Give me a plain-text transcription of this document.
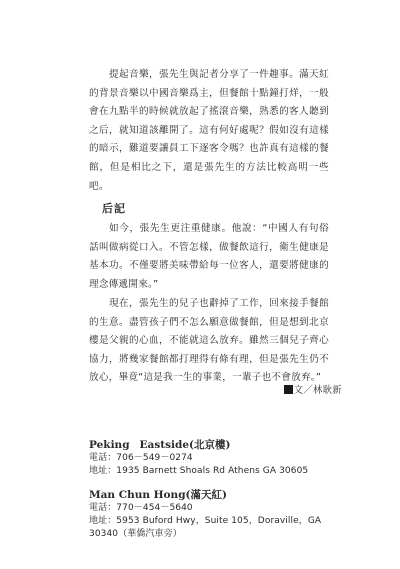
提起音樂，張先生與記者分享了一件趣事。滿天紅的背景音樂以中國音樂爲主，但餐館十點鐘打烊，一般會在九點半的時候就放起了搖滾音樂，熟悉的客人聽到之后，就知道該離開了。這有何好處呢？假如沒有這樣的暗示，難道要讓員工下逐客令嗎？也許真有這樣的餐館，但是相比之下，還是張先生的方法比較高明一些吧。

后記

如今，張先生更注重健康。他說：“中國人有句俗話叫做病從口入。不管怎樣，做餐飲這行，衛生健康是基本功。不僅要將美味帶給每一位客人，還要將健康的理念傳遞開來。”

現在，張先生的兒子也辭掉了工作，回來接手餐館的生意。盡管孩子們不怎么願意做餐館，但是想到北京樓是父親的心血，不能就這么放弃。雖然三個兒子齊心協力，將幾家餐館都打理得有條有理，但是張先生仍不放心，畢竟“這是我一生的事業，一輩子也不會放弃。”

文／林耿新
Peking Eastside(北京樓)
電話：706－549－0274
地址：1935 Barnett Shoals Rd Athens GA 30605
Man Chun Hong(滿天紅)
電話：770－454－5640
地址：5953 Buford Hwy，Suite 105，Doraville，GA
30340（華僑汽車旁）
